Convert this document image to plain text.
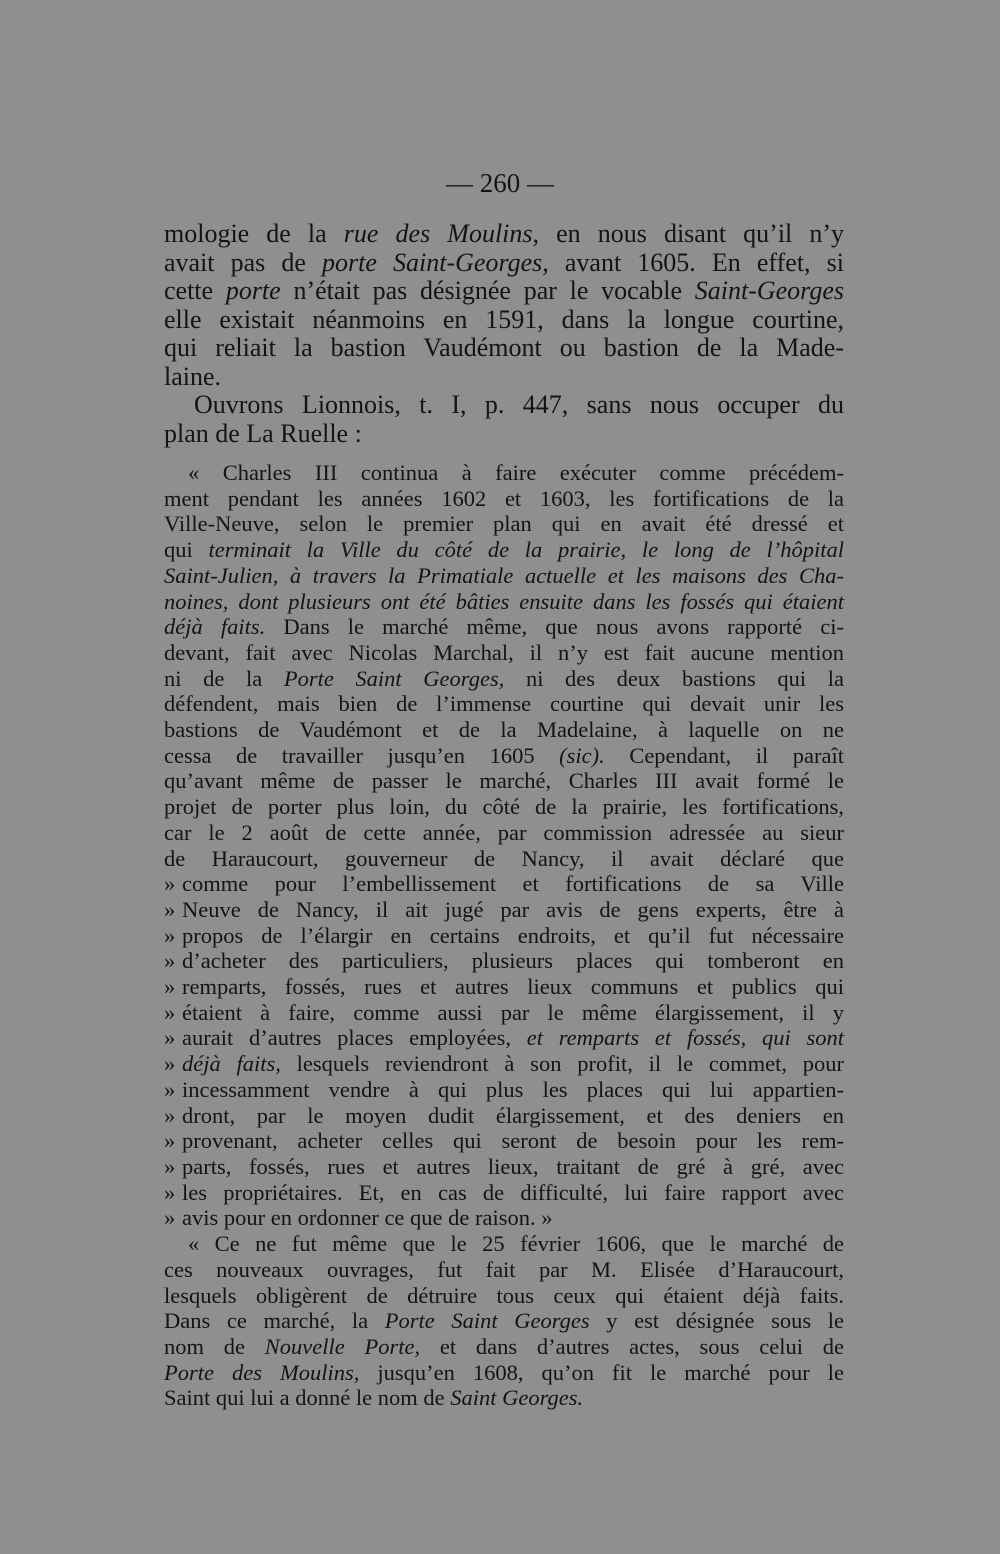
— 260 —
mologie de la rue des Moulins, en nous disant qu’il n’y
avait pas de porte Saint-Georges, avant 1605. En effet, si
cette porte n’était pas désignée par le vocable Saint-Georges
elle existait néanmoins en 1591, dans la longue courtine,
qui reliait la bastion Vaudémont ou bastion de la Made-
laine.
Ouvrons Lionnois, t. I, p. 447, sans nous occuper du
plan de La Ruelle :
« Charles III continua à faire exécuter comme précédem-
ment pendant les années 1602 et 1603, les fortifications de la
Ville-Neuve, selon le premier plan qui en avait été dressé et
qui terminait la Ville du côté de la prairie, le long de l’hôpital
Saint-Julien, à travers la Primatiale actuelle et les maisons des Cha-
noines, dont plusieurs ont été bâties ensuite dans les fossés qui étaient
déjà faits. Dans le marché même, que nous avons rapporté ci-
devant, fait avec Nicolas Marchal, il n’y est fait aucune mention
ni de la Porte Saint Georges, ni des deux bastions qui la
défendent, mais bien de l’immense courtine qui devait unir les
bastions de Vaudémont et de la Madelaine, à laquelle on ne
cessa de travailler jusqu’en 1605 (sic). Cependant, il paraît
qu’avant même de passer le marché, Charles III avait formé le
projet de porter plus loin, du côté de la prairie, les fortifications,
car le 2 août de cette année, par commission adressée au sieur
de Haraucourt, gouverneur de Nancy, il avait déclaré que
» comme pour l’embellissement et fortifications de sa Ville
» Neuve de Nancy, il ait jugé par avis de gens experts, être à
» propos de l’élargir en certains endroits, et qu’il fut nécessaire
» d’acheter des particuliers, plusieurs places qui tomberont en
» remparts, fossés, rues et autres lieux communs et publics qui
» étaient à faire, comme aussi par le même élargissement, il y
» aurait d’autres places employées, et remparts et fossés, qui sont
» déjà faits, lesquels reviendront à son profit, il le commet, pour
» incessamment vendre à qui plus les places qui lui appartien-
» dront, par le moyen dudit élargissement, et des deniers en
» provenant, acheter celles qui seront de besoin pour les rem-
» parts, fossés, rues et autres lieux, traitant de gré à gré, avec
» les propriétaires. Et, en cas de difficulté, lui faire rapport avec
» avis pour en ordonner ce que de raison. »
« Ce ne fut même que le 25 février 1606, que le marché de
ces nouveaux ouvrages, fut fait par M. Elisée d’Haraucourt,
lesquels obligèrent de détruire tous ceux qui étaient déjà faits.
Dans ce marché, la Porte Saint Georges y est désignée sous le
nom de Nouvelle Porte, et dans d’autres actes, sous celui de
Porte des Moulins, jusqu’en 1608, qu’on fit le marché pour le
Saint qui lui a donné le nom de Saint Georges.
